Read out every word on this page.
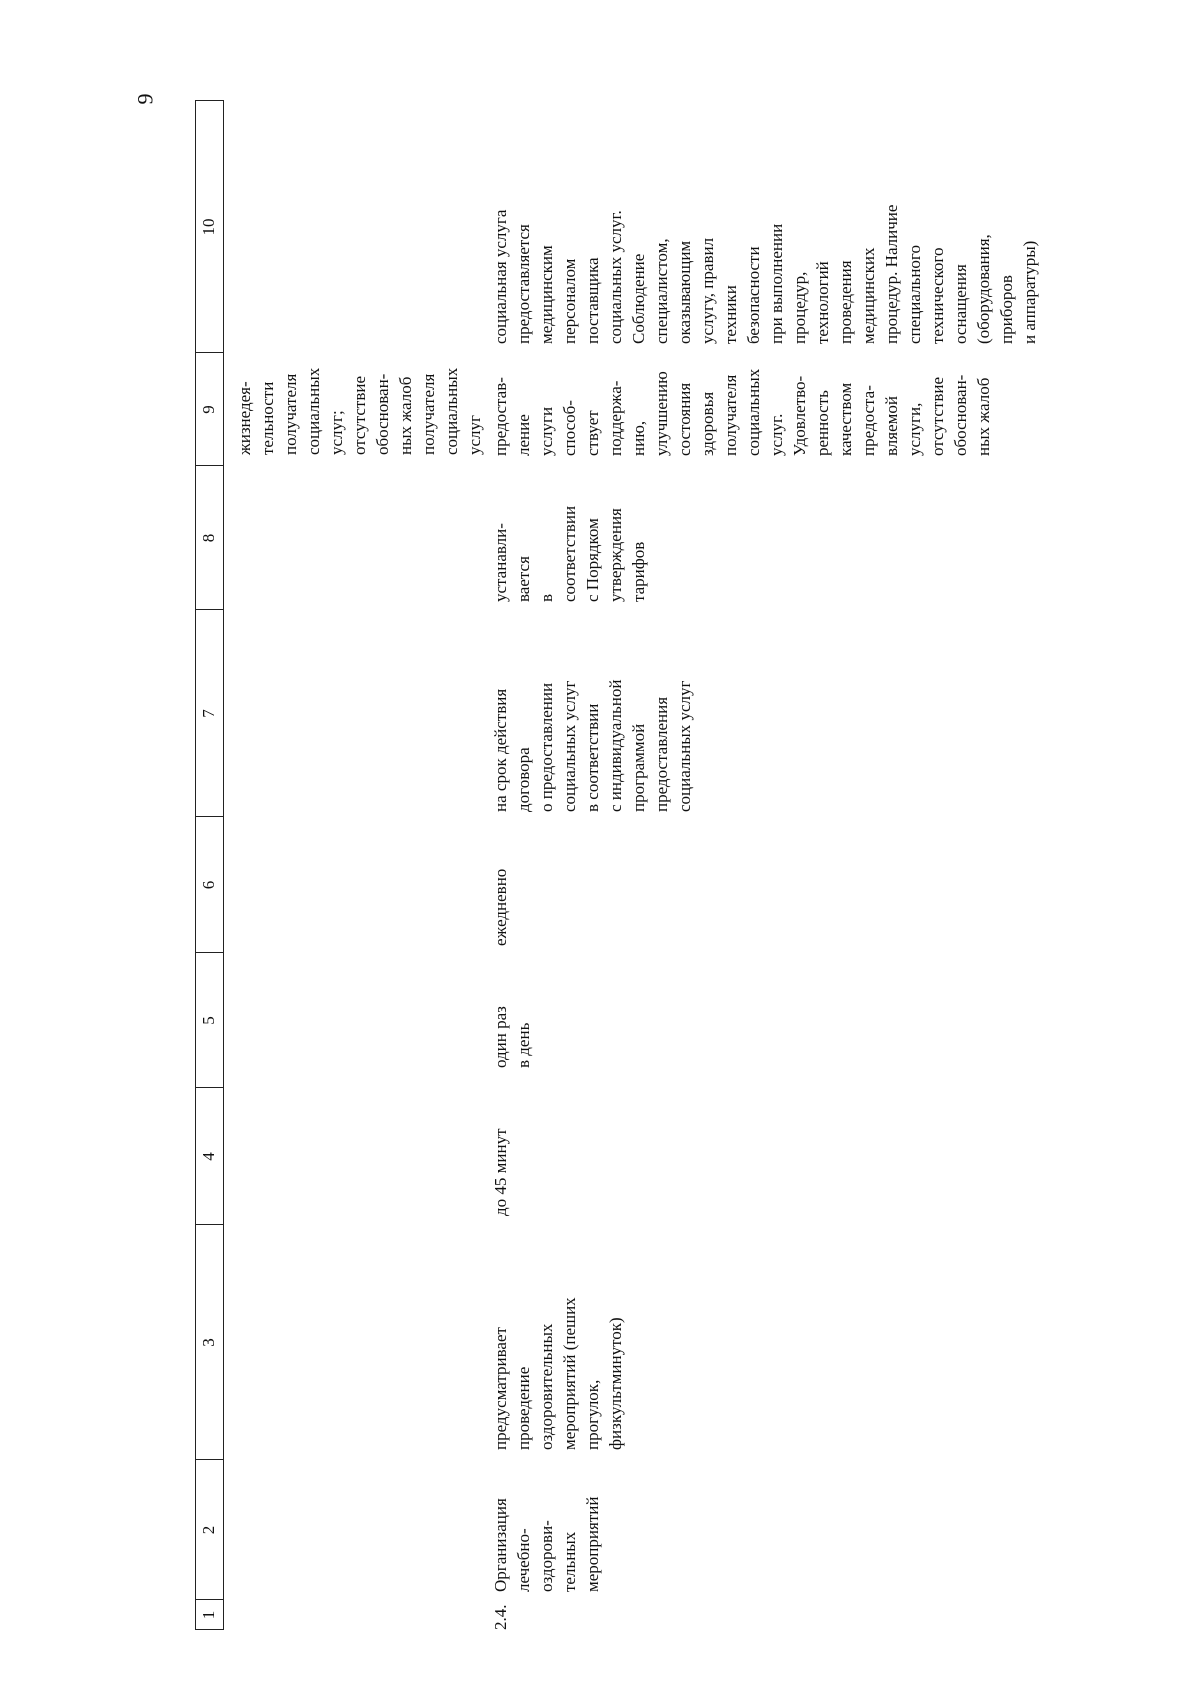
9
1
2
3
4
5
6
7
8
9
10
жизнедея-
тельности
получателя
социальных
услуг;
отсутствие
обоснован-
ных жалоб
получателя
социальных
услуг
2.4.
Организация
лечебно-
оздорови-
тельных
мероприятий
предусматривает
проведение
оздоровительных
мероприятий (пеших
прогулок,
физкультминуток)
до 45 минут
один раз
в день
ежедневно
на срок действия
договора
о предоставлении
социальных услуг
в соответствии
с индивидуальной
программой
предоставления
социальных услуг
устанавли-
вается
в
соответствии
с Порядком
утверждения
тарифов
предостав-
ление
услуги
способ-
ствует
поддержа-
нию,
улучшению
состояния
здоровья
получателя
социальных
услуг.
Удовлетво-
ренность
качеством
предоста-
вляемой
услуги,
отсутствие
обоснован-
ных жалоб
социальная услуга
предоставляется
медицинским
персоналом
поставщика
социальных услуг.
Соблюдение
специалистом,
оказывающим
услугу, правил
техники
безопасности
при выполнении
процедур,
технологий
проведения
медицинских
процедур. Наличие
специального
технического
оснащения
(оборудования,
приборов
и аппаратуры)
